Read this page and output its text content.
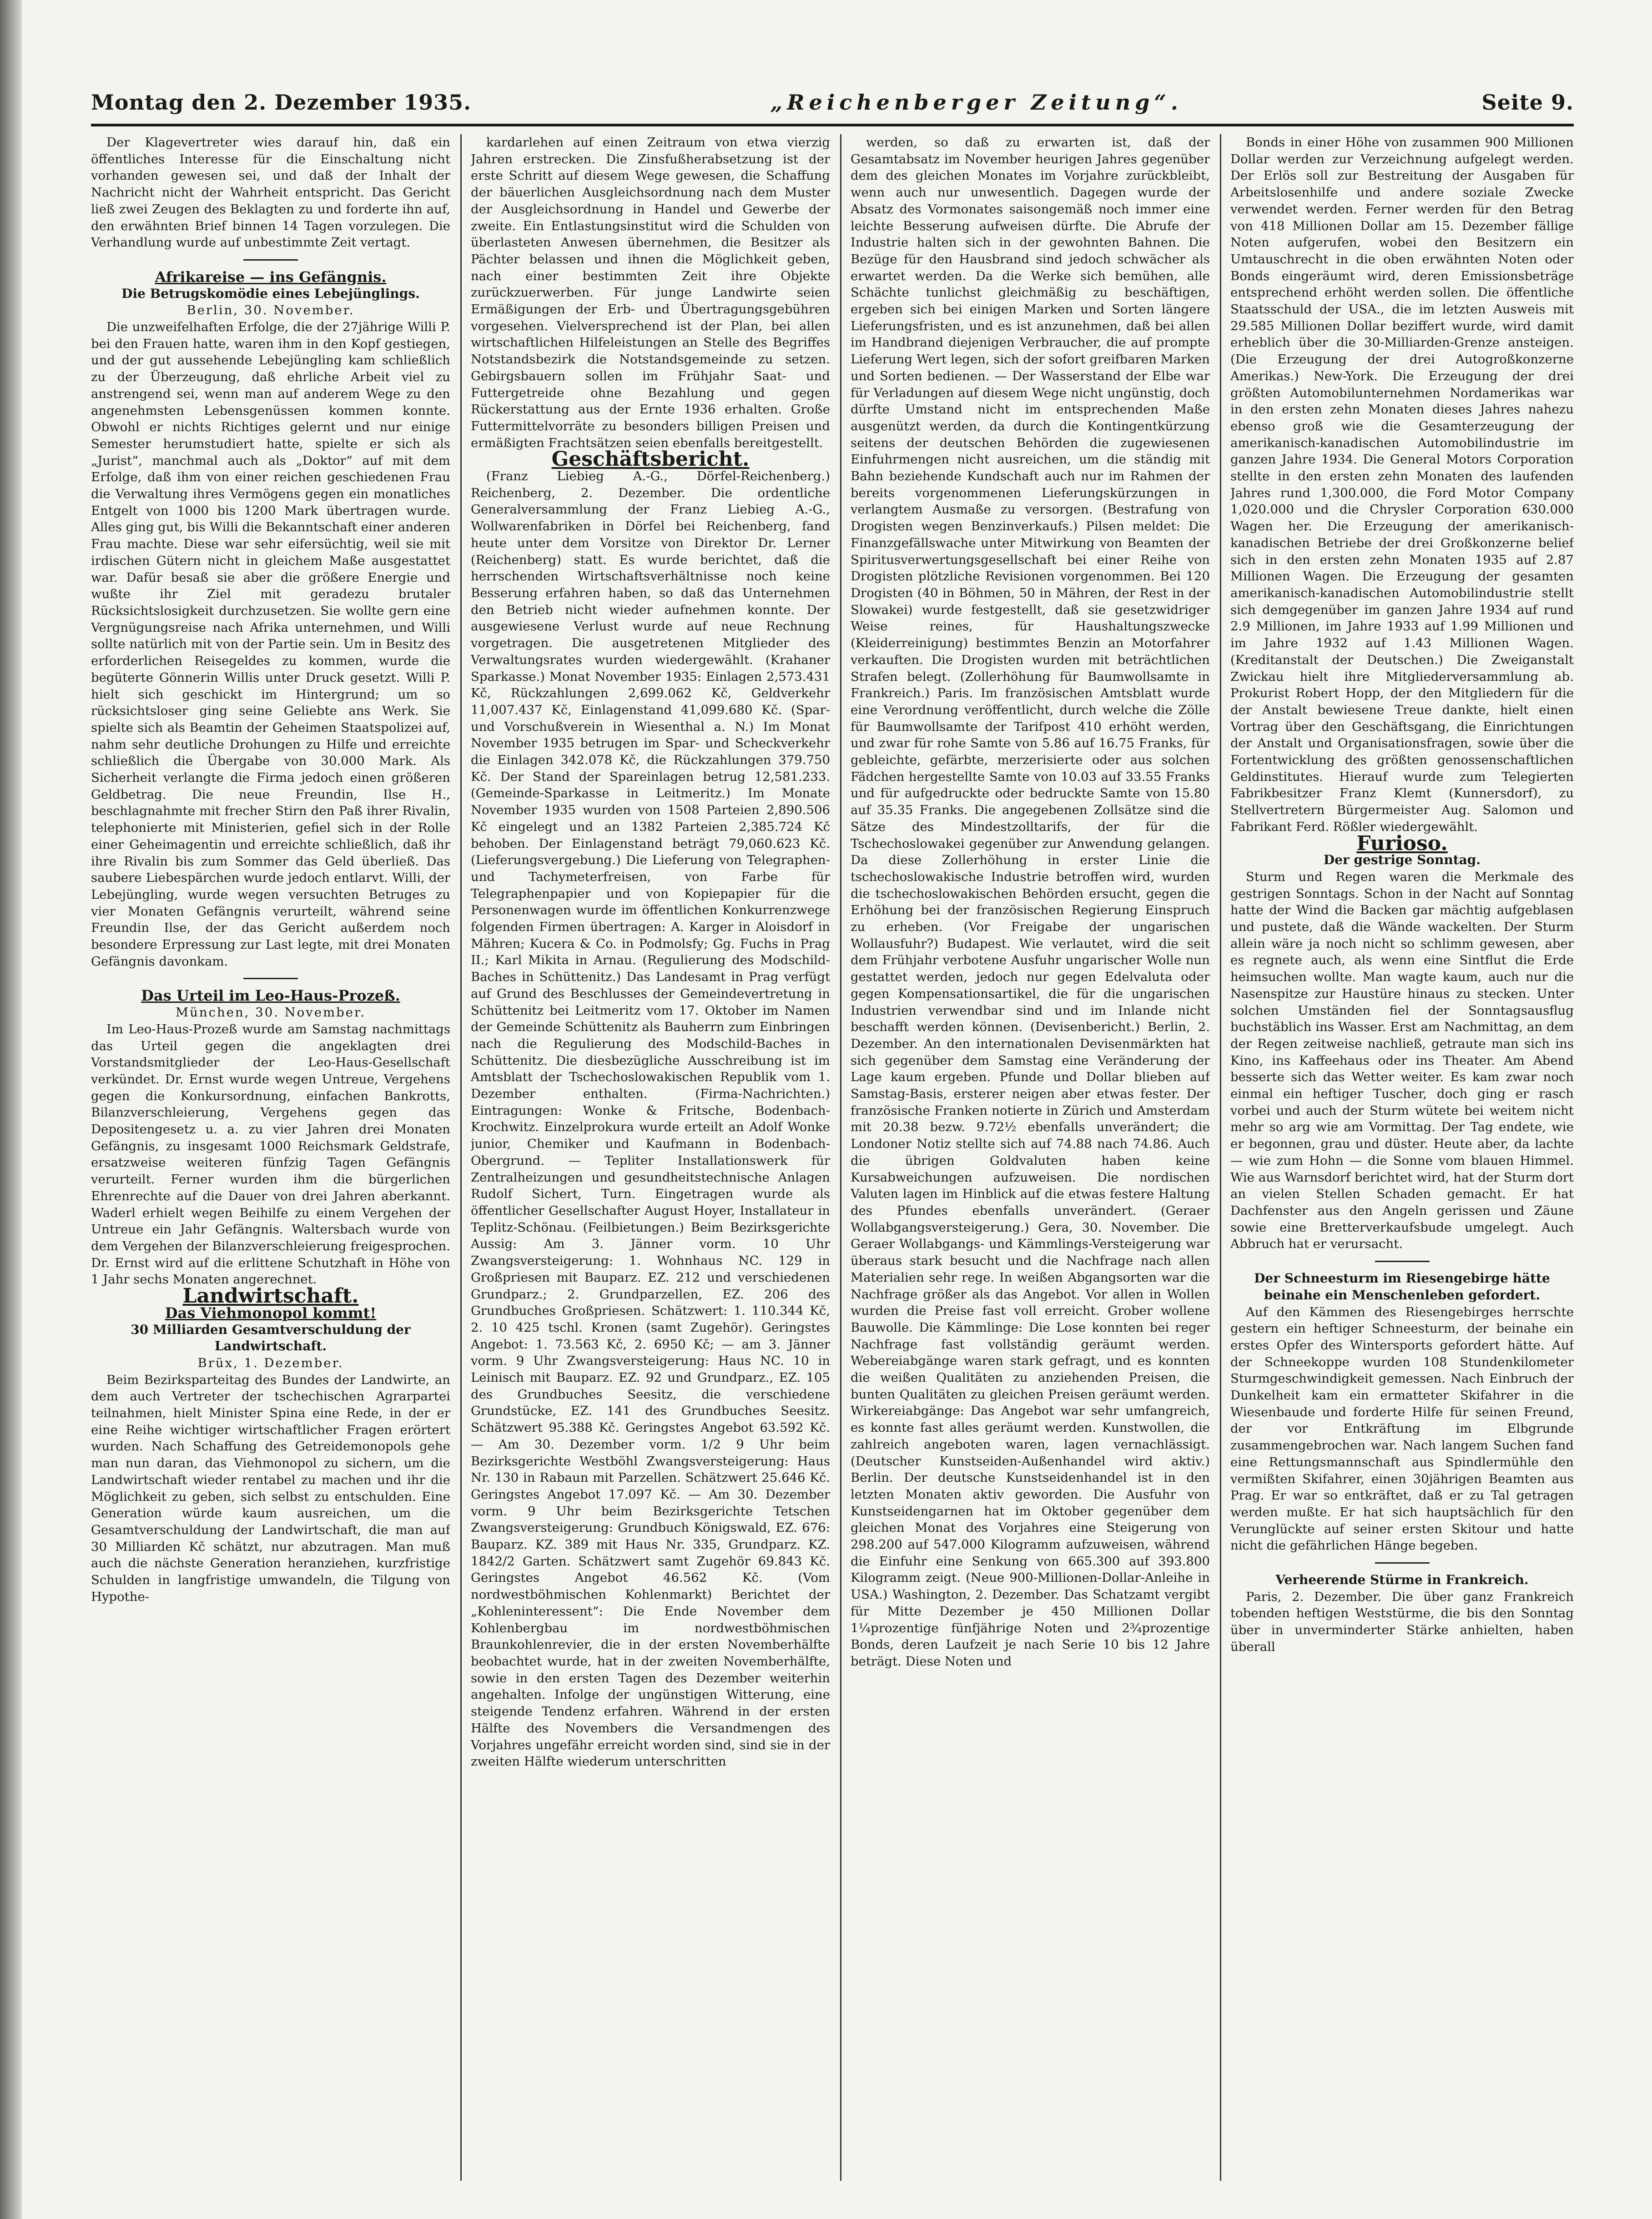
Montag den 2. Dezember 1935.	„Reichenberger Zeitung“.	Seite 9.

Der Klagevertreter wies darauf hin, daß ein öffentliches Interesse für die Einschaltung nicht vorhanden gewesen sei, und daß der Inhalt der Nachricht nicht der Wahrheit entspricht. Das Gericht ließ zwei Zeugen des Beklagten zu und forderte ihn auf, den erwähnten Brief binnen 14 Tagen vorzulegen. Die Verhandlung wurde auf unbestimmte Zeit vertagt.

Afrikareise — ins Gefängnis.

Die Betrugskomödie eines Lebejünglings.

Berlin, 30. November.

Die unzweifelhaften Erfolge, die der 27jährige Willi P. bei den Frauen hatte, waren ihm in den Kopf gestiegen, und der gut aussehende Lebejüngling kam schließlich zu der Überzeugung, daß ehrliche Arbeit viel zu anstrengend sei, wenn man auf anderem Wege zu den angenehmsten Lebensgenüssen kommen konnte. Obwohl er nichts Richtiges gelernt und nur einige Semester herumstudiert hatte, spielte er sich als „Jurist“, manchmal auch als „Doktor“ auf mit dem Erfolge, daß ihm von einer reichen geschiedenen Frau die Verwaltung ihres Vermögens gegen ein monatliches Entgelt von 1000 bis 1200 Mark übertragen wurde. Alles ging gut, bis Willi die Bekanntschaft einer anderen Frau machte. Diese war sehr eifersüchtig, weil sie mit irdischen Gütern nicht in gleichem Maße ausgestattet war. Dafür besaß sie aber die größere Energie und wußte ihr Ziel mit geradezu brutaler Rücksichtslosigkeit durchzusetzen. Sie wollte gern eine Vergnügungsreise nach Afrika unternehmen, und Willi sollte natürlich mit von der Partie sein. Um in Besitz des erforderlichen Reisegeldes zu kommen, wurde die begüterte Gönnerin Willis unter Druck gesetzt. Willi P. hielt sich geschickt im Hintergrund; um so rücksichtsloser ging seine Geliebte ans Werk. Sie spielte sich als Beamtin der Geheimen Staatspolizei auf, nahm sehr deutliche Drohungen zu Hilfe und erreichte schließlich die Übergabe von 30.000 Mark. Als Sicherheit verlangte die Firma jedoch einen größeren Geldbetrag. Die neue Freundin, Ilse H., beschlagnahmte mit frecher Stirn den Paß ihrer Rivalin, telephonierte mit Ministerien, gefiel sich in der Rolle einer Geheimagentin und erreichte schließlich, daß ihr ihre Rivalin bis zum Sommer das Geld überließ. Das saubere Liebespärchen wurde jedoch entlarvt. Willi, der Lebejüngling, wurde wegen versuchten Betruges zu vier Monaten Gefängnis verurteilt, während seine Freundin Ilse, der das Gericht außerdem noch besondere Erpressung zur Last legte, mit drei Monaten Gefängnis davonkam.

Das Urteil im Leo-Haus-Prozeß.

München, 30. November.

Im Leo-Haus-Prozeß wurde am Samstag nachmittags das Urteil gegen die angeklagten drei Vorstandsmitglieder der Leo-Haus-Gesellschaft verkündet. Dr. Ernst wurde wegen Untreue, Vergehens gegen die Konkursordnung, einfachen Bankrotts, Bilanzverschleierung, Vergehens gegen das Depositengesetz u. a. zu vier Jahren drei Monaten Gefängnis, zu insgesamt 1000 Reichsmark Geldstrafe, ersatzweise weiteren fünfzig Tagen Gefängnis verurteilt. Ferner wurden ihm die bürgerlichen Ehrenrechte auf die Dauer von drei Jahren aberkannt. Waderl erhielt wegen Beihilfe zu einem Vergehen der Untreue ein Jahr Gefängnis. Waltersbach wurde von dem Vergehen der Bilanzverschleierung freigesprochen. Dr. Ernst wird auf die erlittene Schutzhaft in Höhe von 1 Jahr sechs Monaten angerechnet.

Landwirtschaft.

Das Viehmonopol kommt!

30 Milliarden Gesamtverschuldung der Landwirtschaft.

Brüx, 1. Dezember.

Beim Bezirksparteitag des Bundes der Landwirte, an dem auch Vertreter der tschechischen Agrarpartei teilnahmen, hielt Minister Spina eine Rede, in der er eine Reihe wichtiger wirtschaftlicher Fragen erörtert wurden. Nach Schaffung des Getreidemonopols gehe man nun daran, das Viehmonopol zu sichern, um die Landwirtschaft wieder rentabel zu machen und ihr die Möglichkeit zu geben, sich selbst zu entschulden. Eine Generation würde kaum ausreichen, um die Gesamtverschuldung der Landwirtschaft, die man auf 30 Milliarden Kč schätzt, nur abzutragen. Man muß auch die nächste Generation heranziehen, kurzfristige Schulden in langfristige umwandeln, die Tilgung von Hypothe-

kardarlehen auf einen Zeitraum von etwa vierzig Jahren erstrecken. Die Zinsfußherabsetzung ist der erste Schritt auf diesem Wege gewesen, die Schaffung der bäuerlichen Ausgleichsordnung nach dem Muster der Ausgleichsordnung in Handel und Gewerbe der zweite. Ein Entlastungsinstitut wird die Schulden von überlasteten Anwesen übernehmen, die Besitzer als Pächter belassen und ihnen die Möglichkeit geben, nach einer bestimmten Zeit ihre Objekte zurückzuerwerben. Für junge Landwirte seien Ermäßigungen der Erb- und Übertragungsgebühren vorgesehen. Vielversprechend ist der Plan, bei allen wirtschaftlichen Hilfeleistungen an Stelle des Begriffes Notstandsbezirk die Notstandsgemeinde zu setzen. Gebirgsbauern sollen im Frühjahr Saat- und Futtergetreide ohne Bezahlung und gegen Rückerstattung aus der Ernte 1936 erhalten. Große Futtermittelvorräte zu besonders billigen Preisen und ermäßigten Frachtsätzen seien ebenfalls bereitgestellt.

Geschäftsbericht.

(Franz Liebieg A.-G., Dörfel-Reichenberg.) Reichenberg, 2. Dezember. Die ordentliche Generalversammlung der Franz Liebieg A.-G., Wollwarenfabriken in Dörfel bei Reichenberg, fand heute unter dem Vorsitze von Direktor Dr. Lerner (Reichenberg) statt. Es wurde berichtet, daß die herrschenden Wirtschaftsverhältnisse noch keine Besserung erfahren haben, so daß das Unternehmen den Betrieb nicht wieder aufnehmen konnte. Der ausgewiesene Verlust wurde auf neue Rechnung vorgetragen. Die ausgetretenen Mitglieder des Verwaltungsrates wurden wiedergewählt. (Krahaner Sparkasse.) Monat November 1935: Einlagen 2,573.431 Kč, Rückzahlungen 2,699.062 Kč, Geldverkehr 11,007.437 Kč, Einlagenstand 41,099.680 Kč. (Spar- und Vorschußverein in Wiesenthal a. N.) Im Monat November 1935 betrugen im Spar- und Scheckverkehr die Einlagen 342.078 Kč, die Rückzahlungen 379.750 Kč. Der Stand der Spareinlagen betrug 12,581.233. (Gemeinde-Sparkasse in Leitmeritz.) Im Monate November 1935 wurden von 1508 Parteien 2,890.506 Kč eingelegt und an 1382 Parteien 2,385.724 Kč behoben. Der Einlagenstand beträgt 79,060.623 Kč. (Lieferungsvergebung.) Die Lieferung von Telegraphen- und Tachymeterfreisen, von Farbe für Telegraphenpapier und von Kopiepapier für die Personenwagen wurde im öffentlichen Konkurrenzwege folgenden Firmen übertragen: A. Karger in Aloisdorf in Mähren; Kucera & Co. in Podmolsfy; Gg. Fuchs in Prag II.; Karl Mikita in Arnau. (Regulierung des Modschild-Baches in Schüttenitz.) Das Landesamt in Prag verfügt auf Grund des Beschlusses der Gemeindevertretung in Schüttenitz bei Leitmeritz vom 17. Oktober im Namen der Gemeinde Schüttenitz als Bauherrn zum Einbringen nach die Regulierung des Modschild-Baches in Schüttenitz. Die diesbezügliche Ausschreibung ist im Amtsblatt der Tschechoslowakischen Republik vom 1. Dezember enthalten. (Firma-Nachrichten.) Eintragungen: Wonke & Fritsche, Bodenbach-Krochwitz. Einzelprokura wurde erteilt an Adolf Wonke junior, Chemiker und Kaufmann in Bodenbach-Obergrund. — Tepliter Installationswerk für Zentralheizungen und gesundheitstechnische Anlagen Rudolf Sichert, Turn. Eingetragen wurde als öffentlicher Gesellschafter August Hoyer, Installateur in Teplitz-Schönau. (Feilbietungen.) Beim Bezirksgerichte Aussig: Am 3. Jänner vorm. 10 Uhr Zwangsversteigerung: 1. Wohnhaus NC. 129 in Großpriesen mit Bauparz. EZ. 212 und verschiedenen Grundparz.; 2. Grundparzellen, EZ. 206 des Grundbuches Großpriesen. Schätzwert: 1. 110.344 Kč, 2. 10 425 tschl. Kronen (samt Zugehör). Geringstes Angebot: 1. 73.563 Kč, 2. 6950 Kč; — am 3. Jänner vorm. 9 Uhr Zwangsversteigerung: Haus NC. 10 in Leinisch mit Bauparz. EZ. 92 und Grundparz., EZ. 105 des Grundbuches Seesitz, die verschiedene Grundstücke, EZ. 141 des Grundbuches Seesitz. Schätzwert 95.388 Kč. Geringstes Angebot 63.592 Kč. — Am 30. Dezember vorm. 1/2 9 Uhr beim Bezirksgerichte Westböhl Zwangsversteigerung: Haus Nr. 130 in Rabaun mit Parzellen. Schätzwert 25.646 Kč. Geringstes Angebot 17.097 Kč. — Am 30. Dezember vorm. 9 Uhr beim Bezirksgerichte Tetschen Zwangsversteigerung: Grundbuch Königswald, EZ. 676: Bauparz. KZ. 389 mit Haus Nr. 335, Grundparz. KZ. 1842/2 Garten. Schätzwert samt Zugehör 69.843 Kč. Geringstes Angebot 46.562 Kč. (Vom nordwestböhmischen Kohlenmarkt) Berichtet der „Kohleninteressent“: Die Ende November dem Kohlenbergbau im nordwestböhmischen Braunkohlenrevier, die in der ersten Novemberhälfte beobachtet wurde, hat in der zweiten Novemberhälfte, sowie in den ersten Tagen des Dezember weiterhin angehalten. Infolge der ungünstigen Witterung, eine steigende Tendenz erfahren. Während in der ersten Hälfte des Novembers die Versandmengen des Vorjahres ungefähr erreicht worden sind, sind sie in der zweiten Hälfte wiederum unterschritten

werden, so daß zu erwarten ist, daß der Gesamtabsatz im November heurigen Jahres gegenüber dem des gleichen Monates im Vorjahre zurückbleibt, wenn auch nur unwesentlich. Dagegen wurde der Absatz des Vormonates saisongemäß noch immer eine leichte Besserung aufweisen dürfte. Die Abrufe der Industrie halten sich in der gewohnten Bahnen. Die Bezüge für den Hausbrand sind jedoch schwächer als erwartet werden. Da die Werke sich bemühen, alle Schächte tunlichst gleichmäßig zu beschäftigen, ergeben sich bei einigen Marken und Sorten längere Lieferungsfristen, und es ist anzunehmen, daß bei allen im Handbrand diejenigen Verbraucher, die auf prompte Lieferung Wert legen, sich der sofort greifbaren Marken und Sorten bedienen. — Der Wasserstand der Elbe war für Verladungen auf diesem Wege nicht ungünstig, doch dürfte Umstand nicht im entsprechenden Maße ausgenützt werden, da durch die Kontingentkürzung seitens der deutschen Behörden die zugewiesenen Einfuhrmengen nicht ausreichen, um die ständig mit Bahn beziehende Kundschaft auch nur im Rahmen der bereits vorgenommenen Lieferungskürzungen in verlangtem Ausmaße zu versorgen. (Bestrafung von Drogisten wegen Benzinverkaufs.) Pilsen meldet: Die Finanzgefällswache unter Mitwirkung von Beamten der Spiritusverwertungsgesellschaft bei einer Reihe von Drogisten plötzliche Revisionen vorgenommen. Bei 120 Drogisten (40 in Böhmen, 50 in Mähren, der Rest in der Slowakei) wurde festgestellt, daß sie gesetzwidriger Weise reines, für Haushaltungszwecke (Kleiderreinigung) bestimmtes Benzin an Motorfahrer verkauften. Die Drogisten wurden mit beträchtlichen Strafen belegt. (Zollerhöhung für Baumwollsamte in Frankreich.) Paris. Im französischen Amtsblatt wurde eine Verordnung veröffentlicht, durch welche die Zölle für Baumwollsamte der Tarifpost 410 erhöht werden, und zwar für rohe Samte von 5.86 auf 16.75 Franks, für gebleichte, gefärbte, merzerisierte oder aus solchen Fädchen hergestellte Samte von 10.03 auf 33.55 Franks und für aufgedruckte oder bedruckte Samte von 15.80 auf 35.35 Franks. Die angegebenen Zollsätze sind die Sätze des Mindestzolltarifs, der für die Tschechoslowakei gegenüber zur Anwendung gelangen. Da diese Zollerhöhung in erster Linie die tschechoslowakische Industrie betroffen wird, wurden die tschechoslowakischen Behörden ersucht, gegen die Erhöhung bei der französischen Regierung Einspruch zu erheben. (Vor Freigabe der ungarischen Wollausfuhr?) Budapest. Wie verlautet, wird die seit dem Frühjahr verbotene Ausfuhr ungarischer Wolle nun gestattet werden, jedoch nur gegen Edelvaluta oder gegen Kompensationsartikel, die für die ungarischen Industrien verwendbar sind und im Inlande nicht beschafft werden können. (Devisenbericht.) Berlin, 2. Dezember. An den internationalen Devisenmärkten hat sich gegenüber dem Samstag eine Veränderung der Lage kaum ergeben. Pfunde und Dollar blieben auf Samstag-Basis, ersterer neigen aber etwas fester. Der französische Franken notierte in Zürich und Amsterdam mit 20.38 bezw. 9.72½ ebenfalls unverändert; die Londoner Notiz stellte sich auf 74.88 nach 74.86. Auch die übrigen Goldvaluten haben keine Kursabweichungen aufzuweisen. Die nordischen Valuten lagen im Hinblick auf die etwas festere Haltung des Pfundes ebenfalls unverändert. (Geraer Wollabgangsversteigerung.) Gera, 30. November. Die Geraer Wollabgangs- und Kämmlings-Versteigerung war überaus stark besucht und die Nachfrage nach allen Materialien sehr rege. In weißen Abgangsorten war die Nachfrage größer als das Angebot. Vor allen in Wollen wurden die Preise fast voll erreicht. Grober wollene Bauwolle. Die Kämmlinge: Die Lose konnten bei reger Nachfrage fast vollständig geräumt werden. Webereiabgänge waren stark gefragt, und es konnten die weißen Qualitäten zu anziehenden Preisen, die bunten Qualitäten zu gleichen Preisen geräumt werden. Wirkereiabgänge: Das Angebot war sehr umfangreich, es konnte fast alles geräumt werden. Kunstwollen, die zahlreich angeboten waren, lagen vernachlässigt. (Deutscher Kunstseiden-Außenhandel wird aktiv.) Berlin. Der deutsche Kunstseidenhandel ist in den letzten Monaten aktiv geworden. Die Ausfuhr von Kunstseidengarnen hat im Oktober gegenüber dem gleichen Monat des Vorjahres eine Steigerung von 298.200 auf 547.000 Kilogramm aufzuweisen, während die Einfuhr eine Senkung von 665.300 auf 393.800 Kilogramm zeigt. (Neue 900-Millionen-Dollar-Anleihe in USA.) Washington, 2. Dezember. Das Schatzamt vergibt für Mitte Dezember je 450 Millionen Dollar 1¼prozentige fünfjährige Noten und 2¾prozentige Bonds, deren Laufzeit je nach Serie 10 bis 12 Jahre beträgt. Diese Noten und

Bonds in einer Höhe von zusammen 900 Millionen Dollar werden zur Verzeichnung aufgelegt werden. Der Erlös soll zur Bestreitung der Ausgaben für Arbeitslosenhilfe und andere soziale Zwecke verwendet werden. Ferner werden für den Betrag von 418 Millionen Dollar am 15. Dezember fällige Noten aufgerufen, wobei den Besitzern ein Umtauschrecht in die oben erwähnten Noten oder Bonds eingeräumt wird, deren Emissionsbeträge entsprechend erhöht werden sollen. Die öffentliche Staatsschuld der USA., die im letzten Ausweis mit 29.585 Millionen Dollar beziffert wurde, wird damit erheblich über die 30-Milliarden-Grenze ansteigen. (Die Erzeugung der drei Autogroßkonzerne Amerikas.) New-York. Die Erzeugung der drei größten Automobilunternehmen Nordamerikas war in den ersten zehn Monaten dieses Jahres nahezu ebenso groß wie die Gesamterzeugung der amerikanisch-kanadischen Automobilindustrie im ganzen Jahre 1934. Die General Motors Corporation stellte in den ersten zehn Monaten des laufenden Jahres rund 1,300.000, die Ford Motor Company 1,020.000 und die Chrysler Corporation 630.000 Wagen her. Die Erzeugung der amerikanisch-kanadischen Betriebe der drei Großkonzerne belief sich in den ersten zehn Monaten 1935 auf 2.87 Millionen Wagen. Die Erzeugung der gesamten amerikanisch-kanadischen Automobilindustrie stellt sich demgegenüber im ganzen Jahre 1934 auf rund 2.9 Millionen, im Jahre 1933 auf 1.99 Millionen und im Jahre 1932 auf 1.43 Millionen Wagen. (Kreditanstalt der Deutschen.) Die Zweiganstalt Zwickau hielt ihre Mitgliederversammlung ab. Prokurist Robert Hopp, der den Mitgliedern für die der Anstalt bewiesene Treue dankte, hielt einen Vortrag über den Geschäftsgang, die Einrichtungen der Anstalt und Organisationsfragen, sowie über die Fortentwicklung des größten genossenschaftlichen Geldinstitutes. Hierauf wurde zum Telegierten Fabrikbesitzer Franz Klemt (Kunnersdorf), zu Stellvertretern Bürgermeister Aug. Salomon und Fabrikant Ferd. Rößler wiedergewählt.

Furioso.

Der gestrige Sonntag.

Sturm und Regen waren die Merkmale des gestrigen Sonntags. Schon in der Nacht auf Sonntag hatte der Wind die Backen gar mächtig aufgeblasen und pustete, daß die Wände wackelten. Der Sturm allein wäre ja noch nicht so schlimm gewesen, aber es regnete auch, als wenn eine Sintflut die Erde heimsuchen wollte. Man wagte kaum, auch nur die Nasenspitze zur Haustüre hinaus zu stecken. Unter solchen Umständen fiel der Sonntagsausflug buchstäblich ins Wasser. Erst am Nachmittag, an dem der Regen zeitweise nachließ, getraute man sich ins Kino, ins Kaffeehaus oder ins Theater. Am Abend besserte sich das Wetter weiter. Es kam zwar noch einmal ein heftiger Tuscher, doch ging er rasch vorbei und auch der Sturm wütete bei weitem nicht mehr so arg wie am Vormittag. Der Tag endete, wie er begonnen, grau und düster. Heute aber, da lachte — wie zum Hohn — die Sonne vom blauen Himmel. Wie aus Warnsdorf berichtet wird, hat der Sturm dort an vielen Stellen Schaden gemacht. Er hat Dachfenster aus den Angeln gerissen und Zäune sowie eine Bretterverkaufsbude umgelegt. Auch Abbruch hat er verursacht.

Der Schneesturm im Riesengebirge hätte beinahe ein Menschenleben gefordert.

Auf den Kämmen des Riesengebirges herrschte gestern ein heftiger Schneesturm, der beinahe ein erstes Opfer des Wintersports gefordert hätte. Auf der Schneekoppe wurden 108 Stundenkilometer Sturmgeschwindigkeit gemessen. Nach Einbruch der Dunkelheit kam ein ermatteter Skifahrer in die Wiesenbaude und forderte Hilfe für seinen Freund, der vor Entkräftung im Elbgrunde zusammengebrochen war. Nach langem Suchen fand eine Rettungsmannschaft aus Spindlermühle den vermißten Skifahrer, einen 30jährigen Beamten aus Prag. Er war so entkräftet, daß er zu Tal getragen werden mußte. Er hat sich hauptsächlich für den Verunglückte auf seiner ersten Skitour und hatte nicht die gefährlichen Hänge begeben.

Verheerende Stürme in Frankreich.

Paris, 2. Dezember. Die über ganz Frankreich tobenden heftigen Weststürme, die bis den Sonntag über in unverminderter Stärke anhielten, haben überall
